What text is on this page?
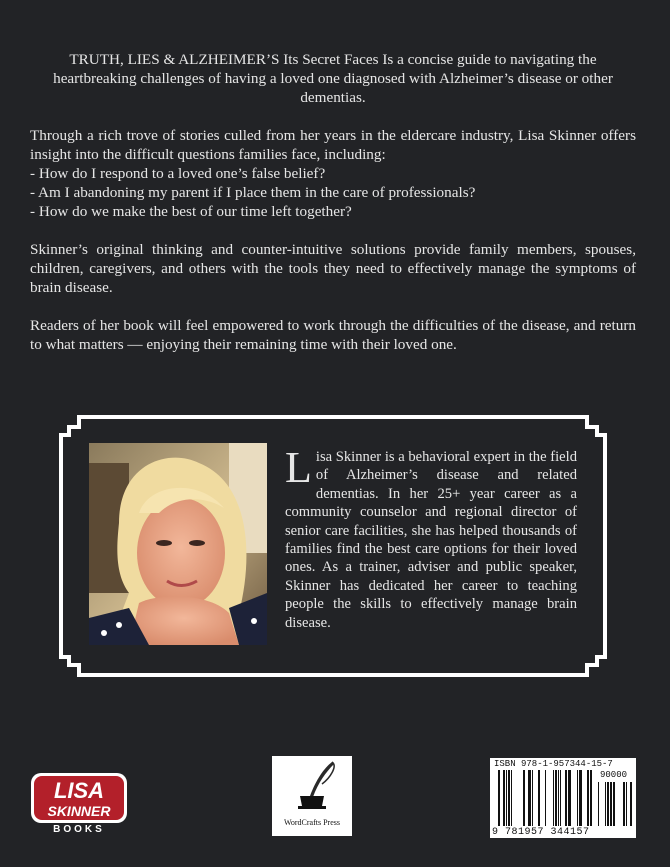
TRUTH, LIES & ALZHEIMER’S Its Secret Faces Is a concise guide to navigating the heartbreaking challenges of having a loved one diagnosed with Alzheimer’s disease or other dementias.

Through a rich trove of stories culled from her years in the eldercare industry, Lisa Skinner offers insight into the difficult questions families face, including:
- How do I respond to a loved one’s false belief?
- Am I abandoning my parent if I place them in the care of professionals?
- How do we make the best of our time left together?

Skinner’s original thinking and counter-intuitive solutions provide family members, spouses, children, caregivers, and others with the tools they need to effectively manage the symptoms of brain disease.

Readers of her book will feel empowered to work through the difficulties of the disease, and return to what matters — enjoying their remaining time with their loved one.

Lisa Skinner is a behavioral expert in the field of Alzheimer’s disease and related dementias. In her 25+ year career as a community counselor and regional director of senior care facilities, she has helped thousands of families find the best care options for their loved ones. As a trainer, adviser and public speaker, Skinner has dedicated her career to teaching people the skills to effectively manage brain disease.
LISA
SKINNER
BOOKS
WordCrafts Press
ISBN 978-1-957344-15-7
90000
9 781957 344157
